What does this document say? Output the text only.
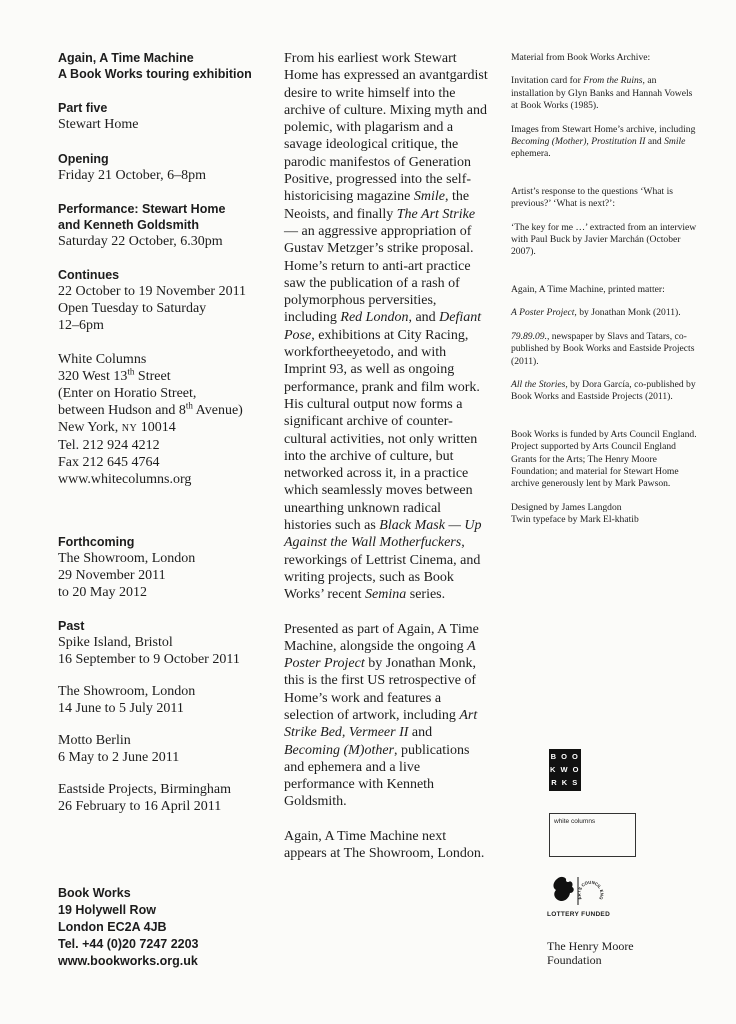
Again, A Time Machine
A Book Works touring exhibition
Part five
Stewart Home
Opening
Friday 21 October, 6–8pm
Performance: Stewart Home
and Kenneth Goldsmith
Saturday 22 October, 6.30pm
Continues
22 October to 19 November 2011
Open Tuesday to Saturday
12–6pm
White Columns
320 West 13th Street
(Enter on Horatio Street,
between Hudson and 8th Avenue)
New York, NY 10014
Tel. 212 924 4212
Fax 212 645 4764
www.whitecolumns.org
Forthcoming
The Showroom, London
29 November 2011
to 20 May 2012
Past
Spike Island, Bristol
16 September to 9 October 2011
The Showroom, London
14 June to 5 July 2011
Motto Berlin
6 May to 2 June 2011
Eastside Projects, Birmingham
26 February to 16 April 2011
Book Works
19 Holywell Row
London EC2A 4JB
Tel. +44 (0)20 7247 2203
www.bookworks.org.uk

From his earliest work Stewart Home has expressed an avantgardist desire to write himself into the archive of culture. Mixing myth and polemic, with plagarism and a savage ideological critique, the parodic manifestos of Generation Positive, progressed into the self-historicising magazine Smile, the Neoists, and finally The Art Strike — an aggressive appropriation of Gustav Metzger’s strike proposal. Home’s return to anti-art practice saw the publication of a rash of polymorphous perversities, including Red London, and Defiant Pose, exhibitions at City Racing, workfortheeyetodo, and with Imprint 93, as well as ongoing performance, prank and film work. His cultural output now forms a significant archive of counter-cultural activities, not only written into the archive of culture, but networked across it, in a practice which seamlessly moves between unearthing unknown radical histories such as Black Mask — Up Against the Wall Motherfuckers, reworkings of Lettrist Cinema, and writing projects, such as Book Works’ recent Semina series.

Presented as part of Again, A Time Machine, alongside the ongoing A Poster Project by Jonathan Monk, this is the first US retrospective of Home’s work and features a selection of artwork, including Art Strike Bed, Vermeer II and Becoming (M)other, publications and ephemera and a live performance with Kenneth Goldsmith.

Again, A Time Machine next appears at The Showroom, London.

Material from Book Works Archive:

Invitation card for From the Ruins, an installation by Glyn Banks and Hannah Vowels at Book Works (1985).

Images from Stewart Home’s archive, including Becoming (Mother), Prostitution II and Smile ephemera.

Artist’s response to the questions ‘What is previous?’ ‘What is next?’:

‘The key for me …’ extracted from an interview with Paul Buck by Javier Marchán (October 2007).

Again, A Time Machine, printed matter:

A Poster Project, by Jonathan Monk (2011).

79.89.09., newspaper by Slavs and Tatars, co-published by Book Works and Eastside Projects (2011).

All the Stories, by Dora García, co-published by Book Works and Eastside Projects (2011).

Book Works is funded by Arts Council England. Project supported by Arts Council England Grants for the Arts; The Henry Moore Foundation; and material for Stewart Home archive generously lent by Mark Pawson.

Designed by James Langdon
Twin typeface by Mark El-khatib
B O O
K W O
R K S
white columns
ARTS COUNCIL ENG
LOTTERY FUNDED
The Henry Moore
Foundation
